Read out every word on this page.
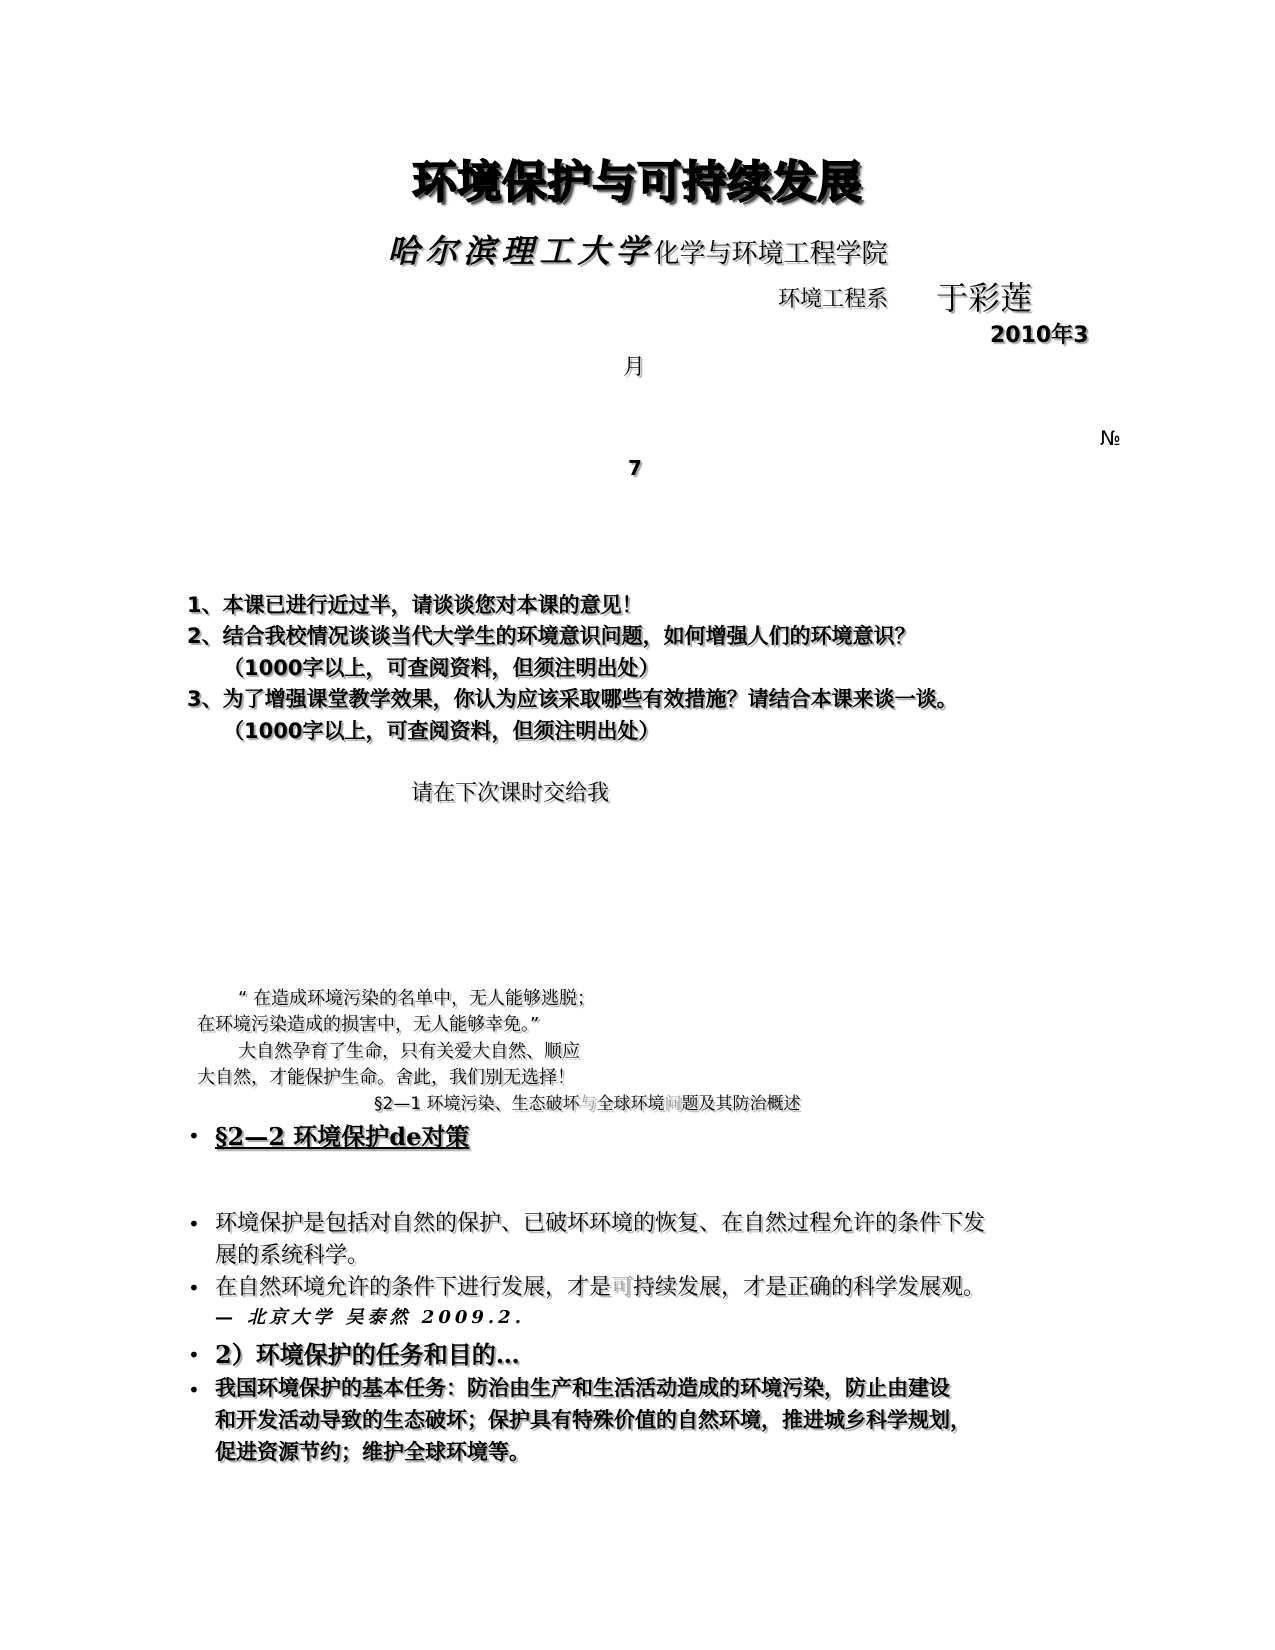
环境保护与可持续发展
哈尔滨理工大学化学与环境工程学院
环境工程系 于彩莲
2010年3
月
№
7
1、本课已进行近过半，请谈谈您对本课的意见！
2、结合我校情况谈谈当代大学生的环境意识问题，如何增强人们的环境意识？
（1000字以上，可查阅资料，但须注明出处）
3、为了增强课堂教学效果，你认为应该采取哪些有效措施？请结合本课来谈一谈。
（1000字以上，可查阅资料，但须注明出处）
请在下次课时交给我
“ 在造成环境污染的名单中，无人能够逃脱；
在环境污染造成的损害中，无人能够幸免。”
大自然孕育了生命，只有关爱大自然、顺应
大自然，才能保护生命。舍此，我们别无选择！
§2—1 环境污染、生态破坏与全球环境问题及其防治概述
• §2—2 环境保护de对策
• 环境保护是包括对自然的保护、已破坏环境的恢复、在自然过程允许的条件下发
展的系统科学。
• 在自然环境允许的条件下进行发展，才是可持续发展，才是正确的科学发展观。
— 北京大学 吴泰然 2009.2.
• 2）环境保护的任务和目的…
• 我国环境保护的基本任务：防治由生产和生活活动造成的环境污染，防止由建设
和开发活动导致的生态破坏；保护具有特殊价值的自然环境，推进城乡科学规划，
促进资源节约；维护全球环境等。
